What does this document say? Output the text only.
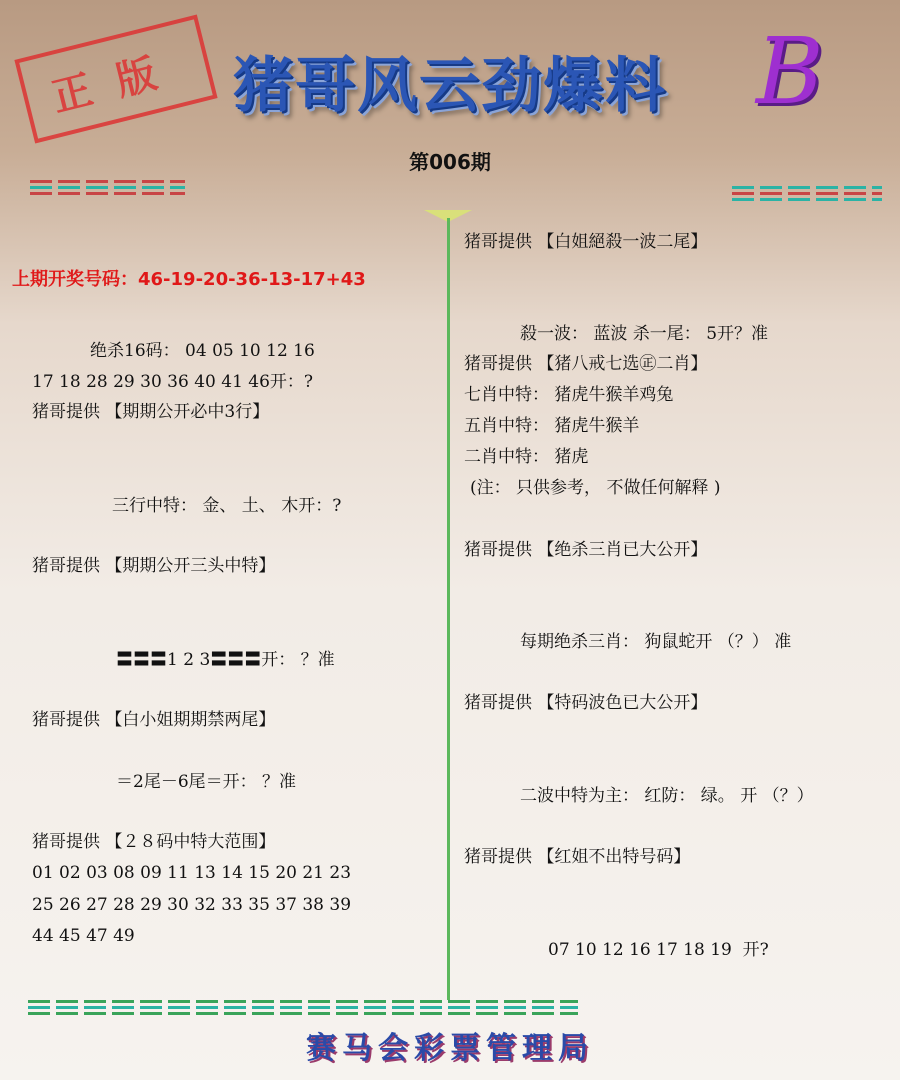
正版 猪哥风云劲爆料 B
第006期
上期开奖号码：46-19-20-36-13-17+43
绝杀16码： 04 05 10 12 16
17 18 28 29 30 36 40 41 46开：?
猪哥提供 【期期公开必中3行】
三行中特： 金、 土、 木开：?
猪哥提供 【期期公开三头中特】
〓〓〓1 2 3〓〓〓开： ？准
猪哥提供 【白小姐期期禁两尾】
＝2尾－6尾＝开： ？准
猪哥提供 【２８码中特大范围】
01 02 03 08 09 11 13 14 15 20 21 23
25 26 27 28 29 30 32 33 35 37 38 39
44 45 47 49
猪哥提供 【白姐絕殺一波二尾】
殺一波： 蓝波 杀一尾： 5开？准
猪哥提供 【猪八戒七选㊣二肖】
七肖中特： 猪虎牛猴羊鸡兔
五肖中特： 猪虎牛猴羊
二肖中特： 猪虎
(注： 只供参考， 不做任何解释 )
猪哥提供 【绝杀三肖已大公开】
每期绝杀三肖： 狗鼠蛇开 （？） 准
猪哥提供 【特码波色已大公开】
二波中特为主： 红防： 绿。 开 （？）
猪哥提供 【红姐不出特号码】
07 10 12 16 17 18 19  开?
赛马会彩票管理局
